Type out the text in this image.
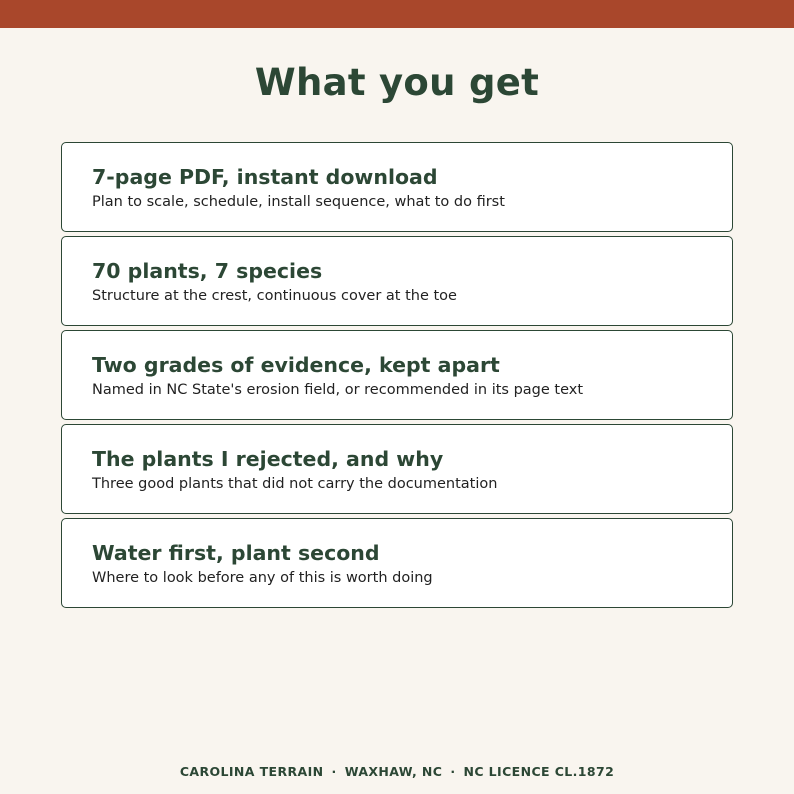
What you get
7-page PDF, instant download
Plan to scale, schedule, install sequence, what to do first
70 plants, 7 species
Structure at the crest, continuous cover at the toe
Two grades of evidence, kept apart
Named in NC State's erosion field, or recommended in its page text
The plants I rejected, and why
Three good plants that did not carry the documentation
Water first, plant second
Where to look before any of this is worth doing
CAROLINA TERRAIN · WAXHAW, NC · NC LICENCE CL.1872
